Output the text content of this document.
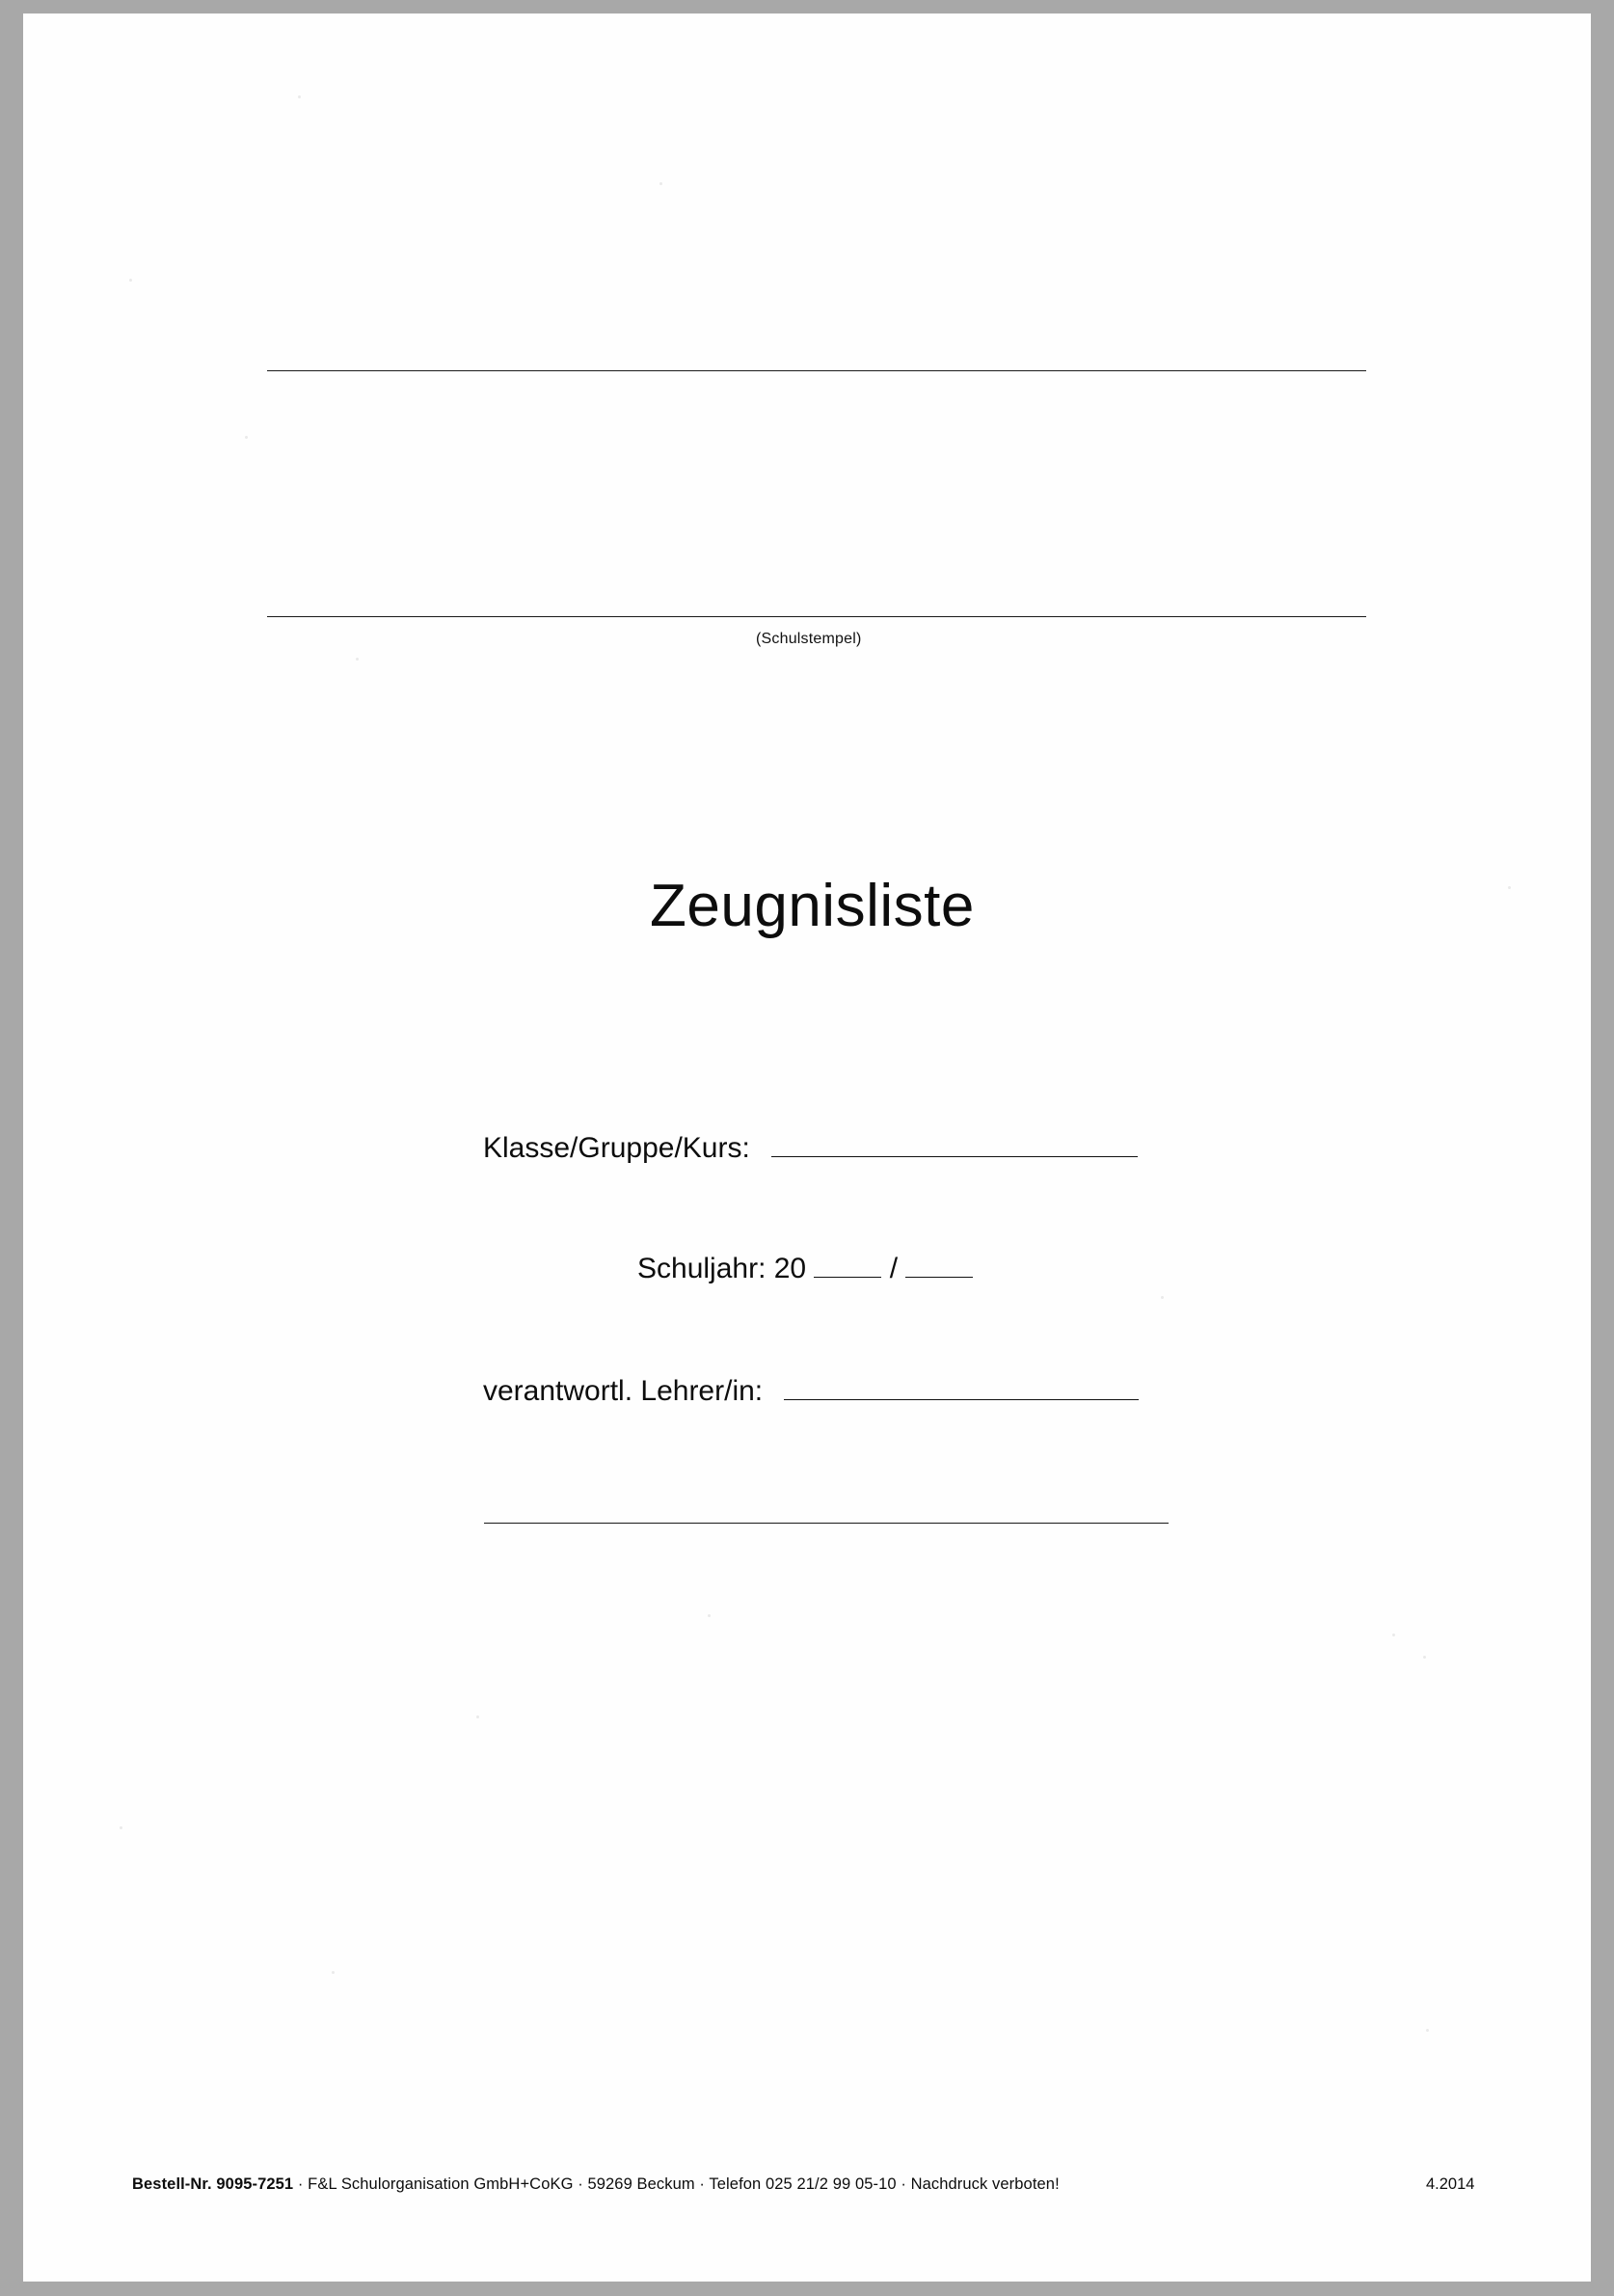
(Schulstempel)
Zeugnisliste
Klasse/Gruppe/Kurs:
Schuljahr: 20	/
verantwortl. Lehrer/in:
Bestell-Nr. 9095-7251 · F&L Schulorganisation GmbH+CoKG · 59269 Beckum · Telefon 025 21/2 99 05-10 · Nachdruck verboten!	4.2014
